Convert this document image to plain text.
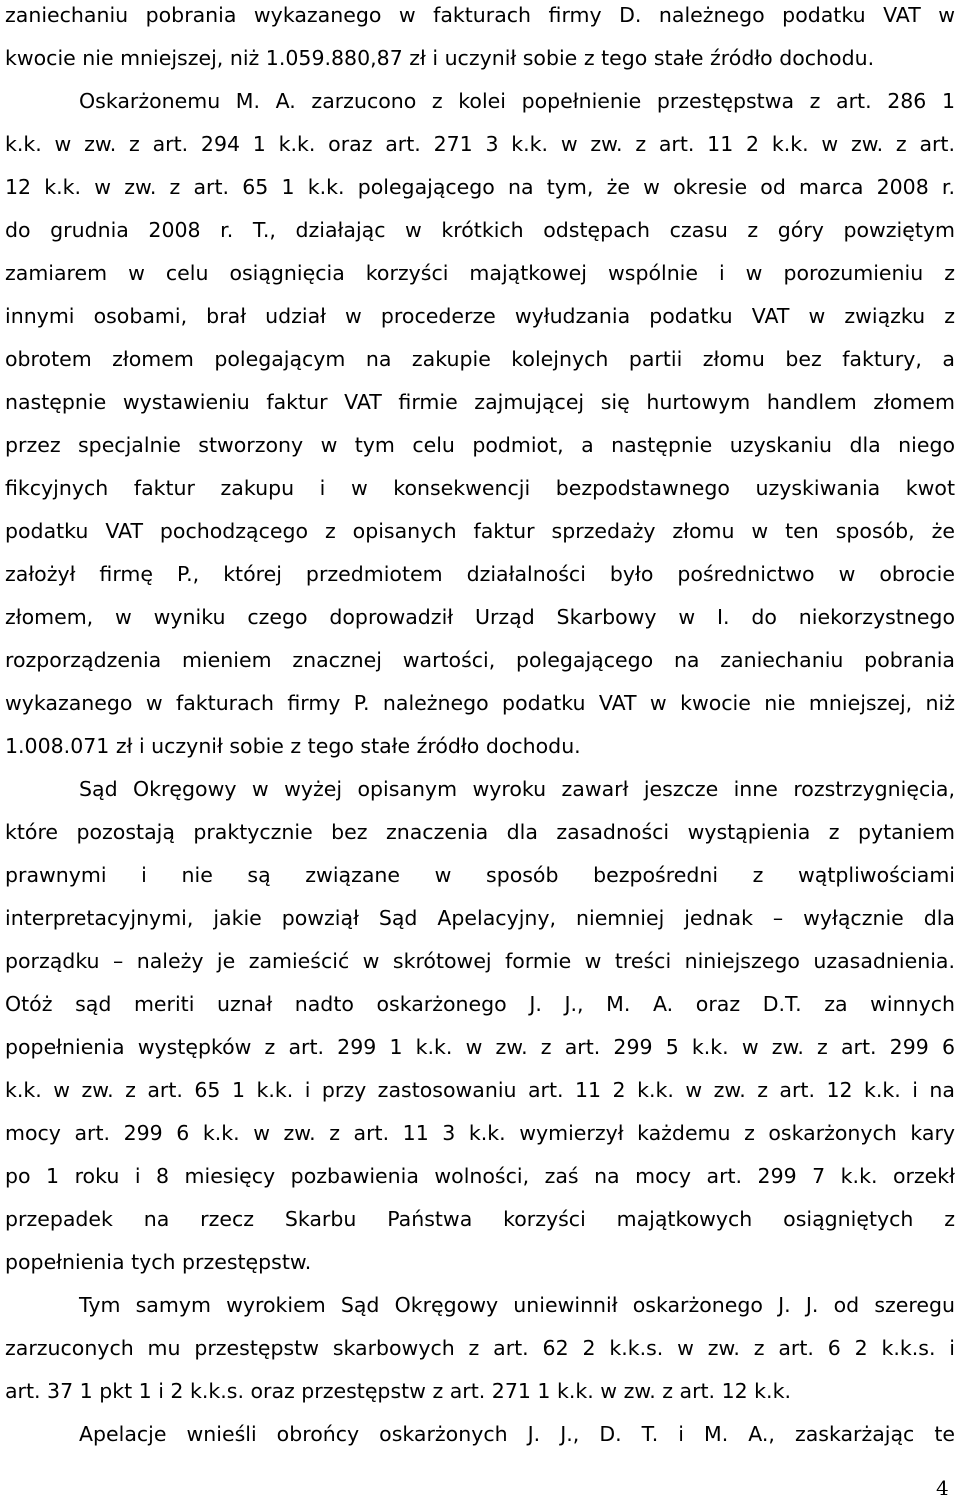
zaniechaniu pobrania wykazanego w fakturach firmy D. należnego podatku VAT w
kwocie nie mniejszej, niż 1.059.880,87 zł i uczynił sobie z tego stałe źródło dochodu.
Oskarżonemu M. A. zarzucono z kolei popełnienie przestępstwa z art. 286 1
k.k. w zw. z art. 294 1 k.k. oraz art. 271 3 k.k. w zw. z art. 11 2 k.k. w zw. z art.
12 k.k. w zw. z art. 65 1 k.k. polegającego na tym, że w okresie od marca 2008 r.
do grudnia 2008 r. T., działając w krótkich odstępach czasu z góry powziętym
zamiarem w celu osiągnięcia korzyści majątkowej wspólnie i w porozumieniu z
innymi osobami, brał udział w procederze wyłudzania podatku VAT w związku z
obrotem złomem polegającym na zakupie kolejnych partii złomu bez faktury, a
następnie wystawieniu faktur VAT firmie zajmującej się hurtowym handlem złomem
przez specjalnie stworzony w tym celu podmiot, a następnie uzyskaniu dla niego
fikcyjnych faktur zakupu i w konsekwencji bezpodstawnego uzyskiwania kwot
podatku VAT pochodzącego z opisanych faktur sprzedaży złomu w ten sposób, że
założył firmę P., której przedmiotem działalności było pośrednictwo w obrocie
złomem, w wyniku czego doprowadził Urząd Skarbowy w I. do niekorzystnego
rozporządzenia mieniem znacznej wartości, polegającego na zaniechaniu pobrania
wykazanego w fakturach firmy P. należnego podatku VAT w kwocie nie mniejszej, niż
1.008.071 zł i uczynił sobie z tego stałe źródło dochodu.
Sąd Okręgowy w wyżej opisanym wyroku zawarł jeszcze inne rozstrzygnięcia,
które pozostają praktycznie bez znaczenia dla zasadności wystąpienia z pytaniem
prawnymi i nie są związane w sposób bezpośredni z wątpliwościami
interpretacyjnymi, jakie powziął Sąd Apelacyjny, niemniej jednak – wyłącznie dla
porządku – należy je zamieścić w skrótowej formie w treści niniejszego uzasadnienia.
Otóż sąd meriti uznał nadto oskarżonego J. J., M. A. oraz D.T. za winnych
popełnienia występków z art. 299 1 k.k. w zw. z art. 299 5 k.k. w zw. z art. 299 6
k.k. w zw. z art. 65 1 k.k. i przy zastosowaniu art. 11 2 k.k. w zw. z art. 12 k.k. i na
mocy art. 299 6 k.k. w zw. z art. 11 3 k.k. wymierzył każdemu z oskarżonych kary
po 1 roku i 8 miesięcy pozbawienia wolności, zaś na mocy art. 299 7 k.k. orzekł
przepadek na rzecz Skarbu Państwa korzyści majątkowych osiągniętych z
popełnienia tych przestępstw.
Tym samym wyrokiem Sąd Okręgowy uniewinnił oskarżonego J. J. od szeregu
zarzuconych mu przestępstw skarbowych z art. 62 2 k.k.s. w zw. z art. 6 2 k.k.s. i
art. 37 1 pkt 1 i 2 k.k.s. oraz przestępstw z art. 271 1 k.k. w zw. z art. 12 k.k.
Apelacje wnieśli obrońcy oskarżonych J. J., D. T. i M. A., zaskarżając te
4
